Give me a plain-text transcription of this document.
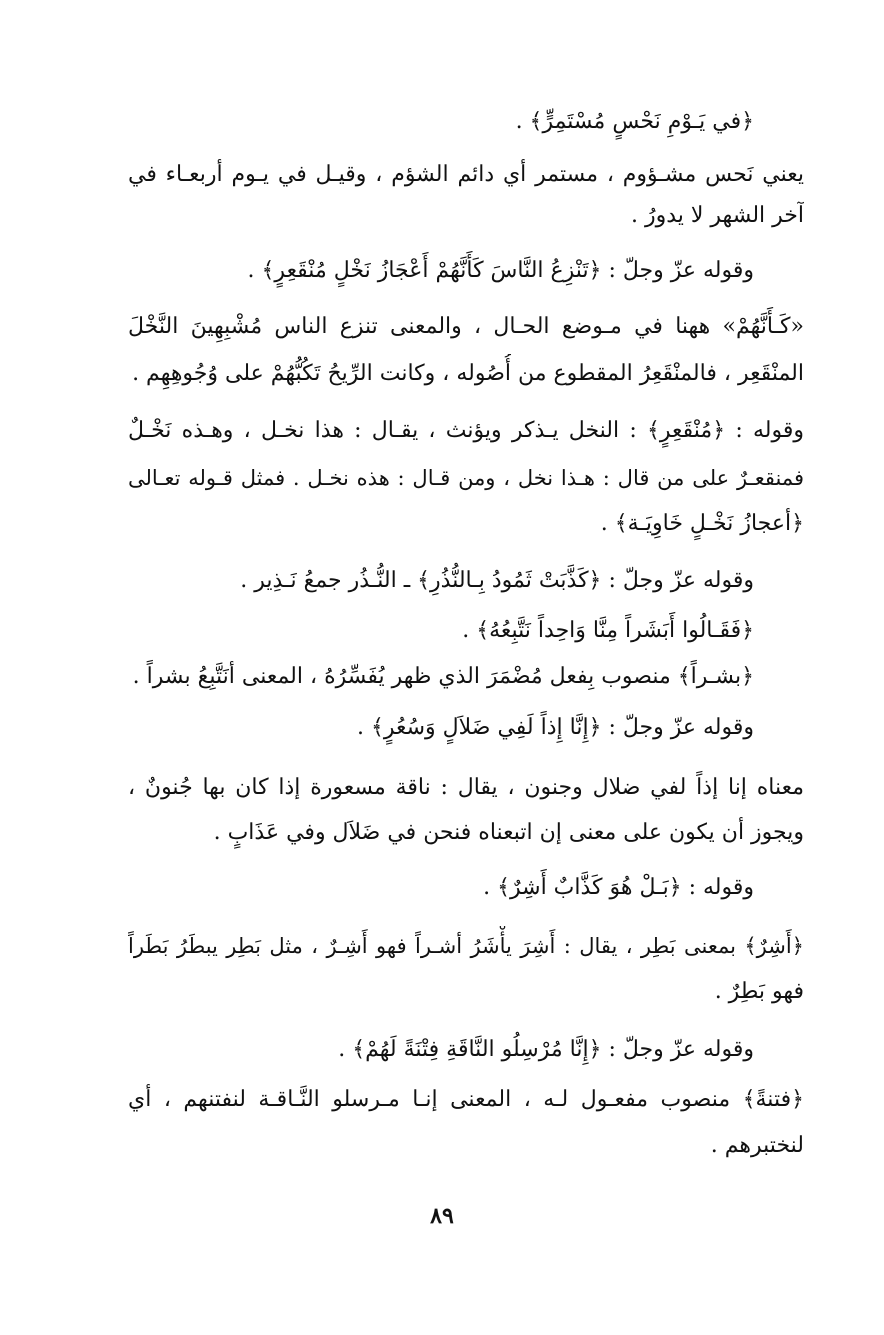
﴿في يَـوْمِ نَحْسٍ مُسْتَمِرٍّ﴾ .
يعني نَحس مشـؤوم ، مستمر أي دائم الشؤم ، وقيـل في يـوم أربعـاء في
آخر الشهر لا يدورُ .
وقوله عزّ وجلّ : ﴿تَنْزِعُ النَّاسَ كَأَنَّهُمْ أَعْجَازُ نَخْلٍ مُنْقَعِرٍ﴾ .
«كَـأَنَّهُمْ» ههنا في مـوضع الحـال ، والمعنى تنزع الناس مُشْبِهِينَ النَّخْلَ
المنْقَعِر ، فالمنْقَعِرُ المقطوع من أُصُوله ، وكانت الرِّيحُ تَكُبُّهُمْ على وُجُوهِهِم .
وقوله : ﴿مُنْقَعِرٍ﴾ : النخل يـذكر ويؤنث ، يقـال : هذا نخـل ، وهـذه نَخْـلٌ
فمنقعـرٌ على من قال : هـذا نخل ، ومن قـال : هذه نخـل . فمثل قـوله تعـالى
﴿أعجازُ نَخْـلٍ خَاوِيَـة﴾ .
وقوله عزّ وجلّ : ﴿كَذَّبَتْ ثَمُودُ بِـالنُّذُرِ﴾ ـ النُّـذُر جمعُ نَـذِير .
﴿فَقَـالُوا أَبَشَراً مِنَّا وَاحِداً نَتَّبِعُهُ﴾ .
﴿بشـراً﴾ منصوب بِفعل مُضْمَرَ الذي ظهر يُفَسِّرُهُ ، المعنى أنَتَّبِعُ بشراً .
وقوله عزّ وجلّ : ﴿إِنَّا إِذاً لَفِي ضَلاَلٍ وَسُعُرٍ﴾ .
معناه إنا إذاً لفي ضلال وجنون ، يقال : ناقة مسعورة إذا كان بها جُنونٌ ،
ويجوز أن يكون على معنى إن اتبعناه فنحن في ضَلاَل وفي عَذَابٍ .
وقوله : ﴿بَـلْ هُوَ كَذَّابٌ أَشِرٌ﴾ .
﴿أَشِرٌ﴾ بمعنى بَطِر ، يقال : أَشِرَ يأْشَرُ أشـراً فهو أَشِـرٌ ، مثل بَطِر يبطَرُ بَطَراً
فهو بَطِرٌ .
وقوله عزّ وجلّ : ﴿إِنَّا مُرْسِلُو النَّاقَةِ فِتْنَةً لَهُمْ﴾ .
﴿فتنةً﴾ منصوب مفعـول لـه ، المعنى إنـا مـرسلو النَّـاقـة لنفتنهم ، أي
لنختبرهم .
٨٩
